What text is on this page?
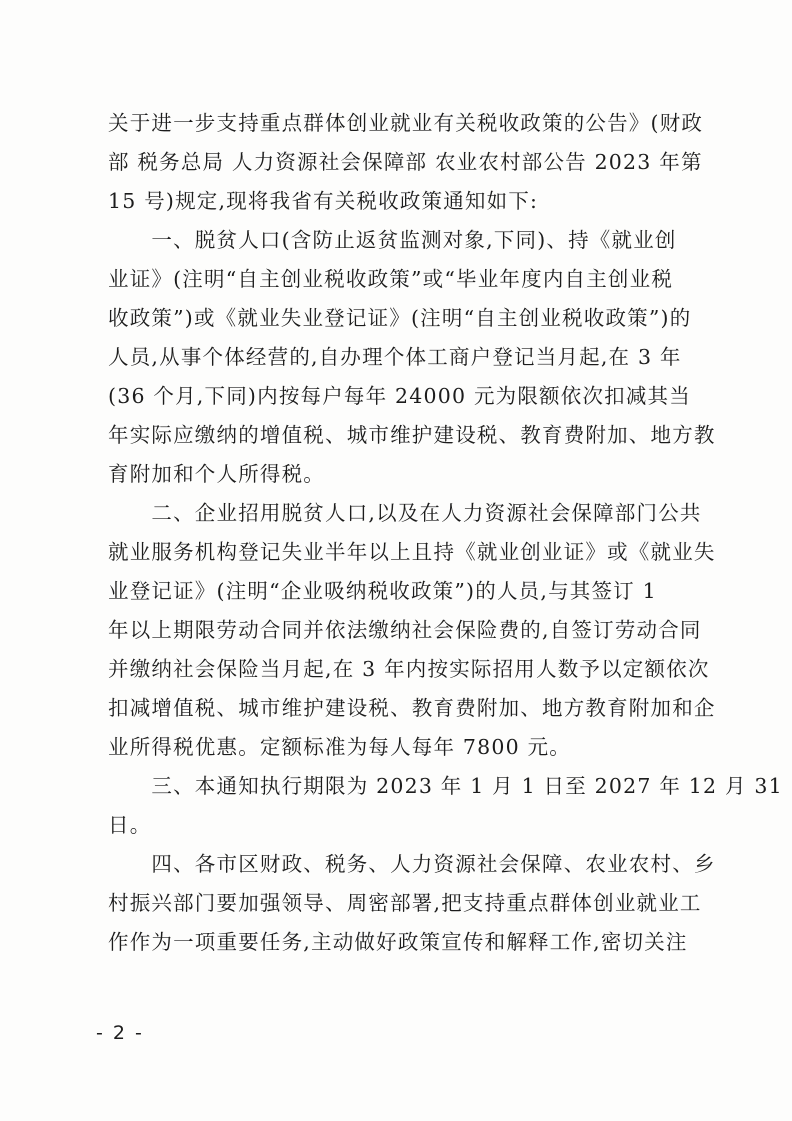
关于进一步支持重点群体创业就业有关税收政策的公告》(财政
部 税务总局 人力资源社会保障部 农业农村部公告 2023 年第
15 号)规定,现将我省有关税收政策通知如下:
　　一、脱贫人口(含防止返贫监测对象,下同)、持《就业创
业证》(注明“自主创业税收政策”或“毕业年度内自主创业税
收政策”)或《就业失业登记证》(注明“自主创业税收政策”)的
人员,从事个体经营的,自办理个体工商户登记当月起,在 3 年
(36 个月,下同)内按每户每年 24000 元为限额依次扣减其当
年实际应缴纳的增值税、城市维护建设税、教育费附加、地方教
育附加和个人所得税。
　　二、企业招用脱贫人口,以及在人力资源社会保障部门公共
就业服务机构登记失业半年以上且持《就业创业证》或《就业失
业登记证》(注明“企业吸纳税收政策”)的人员,与其签订 1
年以上期限劳动合同并依法缴纳社会保险费的,自签订劳动合同
并缴纳社会保险当月起,在 3 年内按实际招用人数予以定额依次
扣减增值税、城市维护建设税、教育费附加、地方教育附加和企
业所得税优惠。定额标准为每人每年 7800 元。
　　三、本通知执行期限为 2023 年 1 月 1 日至 2027 年 12 月 31
日。
　　四、各市区财政、税务、人力资源社会保障、农业农村、乡
村振兴部门要加强领导、周密部署,把支持重点群体创业就业工
作作为一项重要任务,主动做好政策宣传和解释工作,密切关注
- 2 -
